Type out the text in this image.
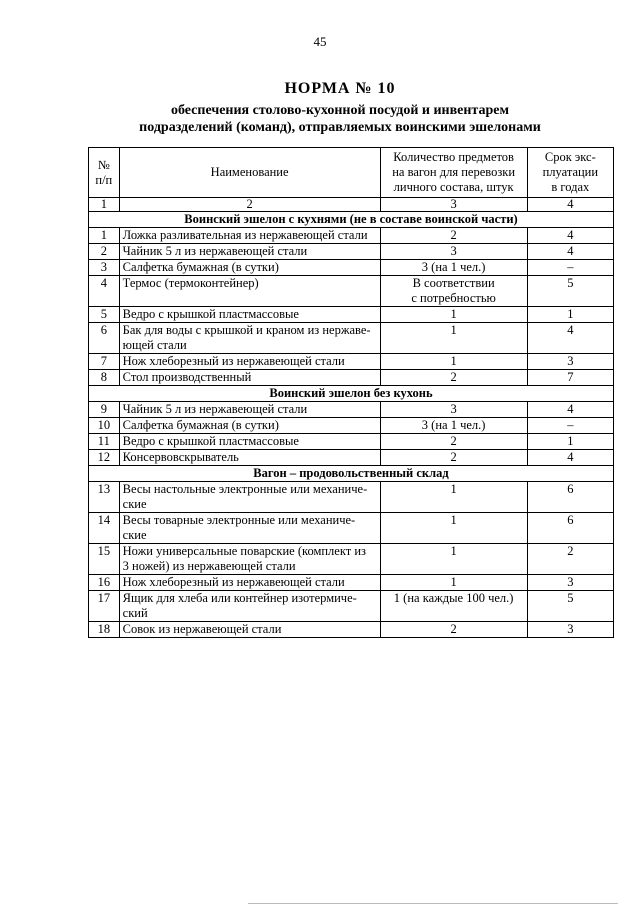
45

НОРМА № 10

обеспечения столово-кухонной посудой и инвентарем
подразделений (команд), отправляемых воинскими эшелонами

№
п/п	Наименование	Количество предметов
на вагон для перевозки
личного состава, штук	Срок экс-
плуатации
в годах
1	2	3	4
Воинский эшелон с кухнями (не в составе воинской части)			
1	Ложка разливательная из нержавеющей стали	2	4
2	Чайник 5 л из нержавеющей стали	3	4
3	Салфетка бумажная (в сутки)	3 (на 1 чел.)	–
4	Термос (термоконтейнер)	В соответствии
с потребностью	5
5	Ведро с крышкой пластмассовые	1	1
6	Бак для воды с крышкой и краном из нержаве-
ющей стали	1	4
7	Нож хлеборезный из нержавеющей стали	1	3
8	Стол производственный	2	7
Воинский эшелон без кухонь			
9	Чайник 5 л из нержавеющей стали	3	4
10	Салфетка бумажная (в сутки)	3 (на 1 чел.)	–
11	Ведро с крышкой пластмассовые	2	1
12	Консервовскрыватель	2	4
Вагон – продовольственный склад			
13	Весы настольные электронные или механиче-
ские	1	6
14	Весы товарные электронные или механиче-
ские	1	6
15	Ножи универсальные поварские (комплект из
3 ножей) из нержавеющей стали	1	2
16	Нож хлеборезный из нержавеющей стали	1	3
17	Ящик для хлеба или контейнер изотермиче-
ский	1 (на каждые 100 чел.)	5
18	Совок из нержавеющей стали	2	3
